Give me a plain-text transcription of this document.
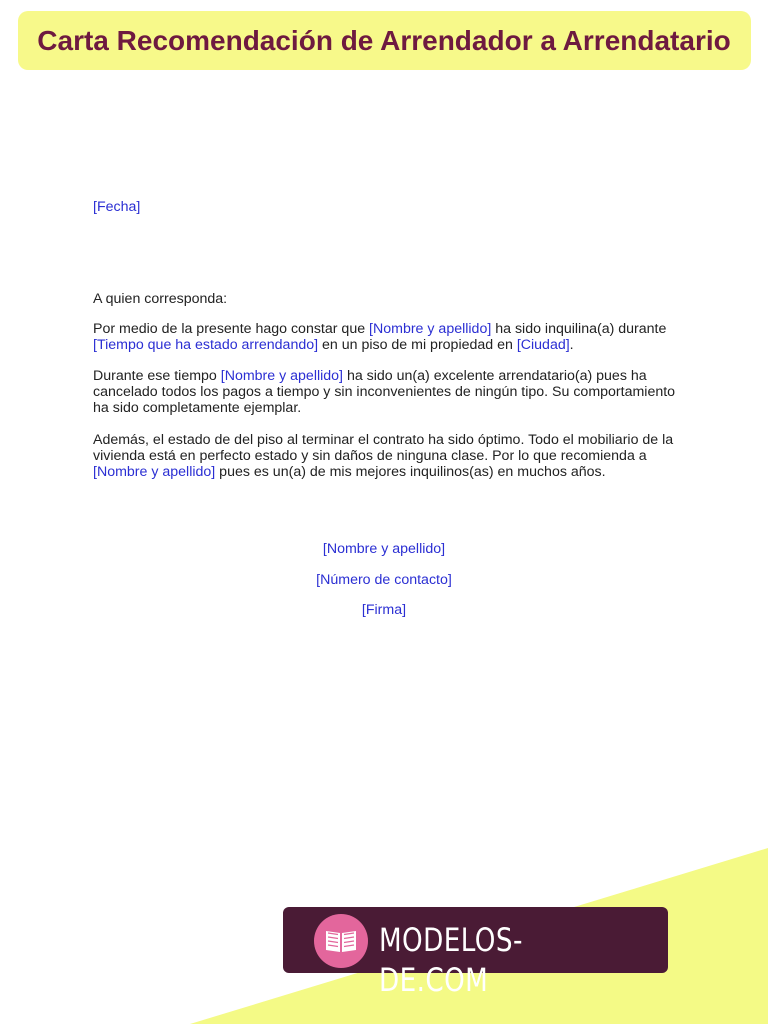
Carta Recomendación de Arrendador a Arrendatario

[Fecha]

A quien corresponda:

Por medio de la presente hago constar que [Nombre y apellido] ha sido inquilina(a) durante [Tiempo que ha estado arrendando] en un piso de mi propiedad en [Ciudad].

Durante ese tiempo [Nombre y apellido] ha sido un(a) excelente arrendatario(a) pues ha cancelado todos los pagos a tiempo y sin inconvenientes de ningún tipo. Su comportamiento ha sido completamente ejemplar.

Además, el estado de del piso al terminar el contrato ha sido óptimo. Todo el mobiliario de la vivienda está en perfecto estado y sin daños de ninguna clase. Por lo que recomienda a [Nombre y apellido] pues es un(a) de mis mejores inquilinos(as) en muchos años.

[Nombre y apellido]

[Número de contacto]

[Firma]

MODELOS-DE.COM
